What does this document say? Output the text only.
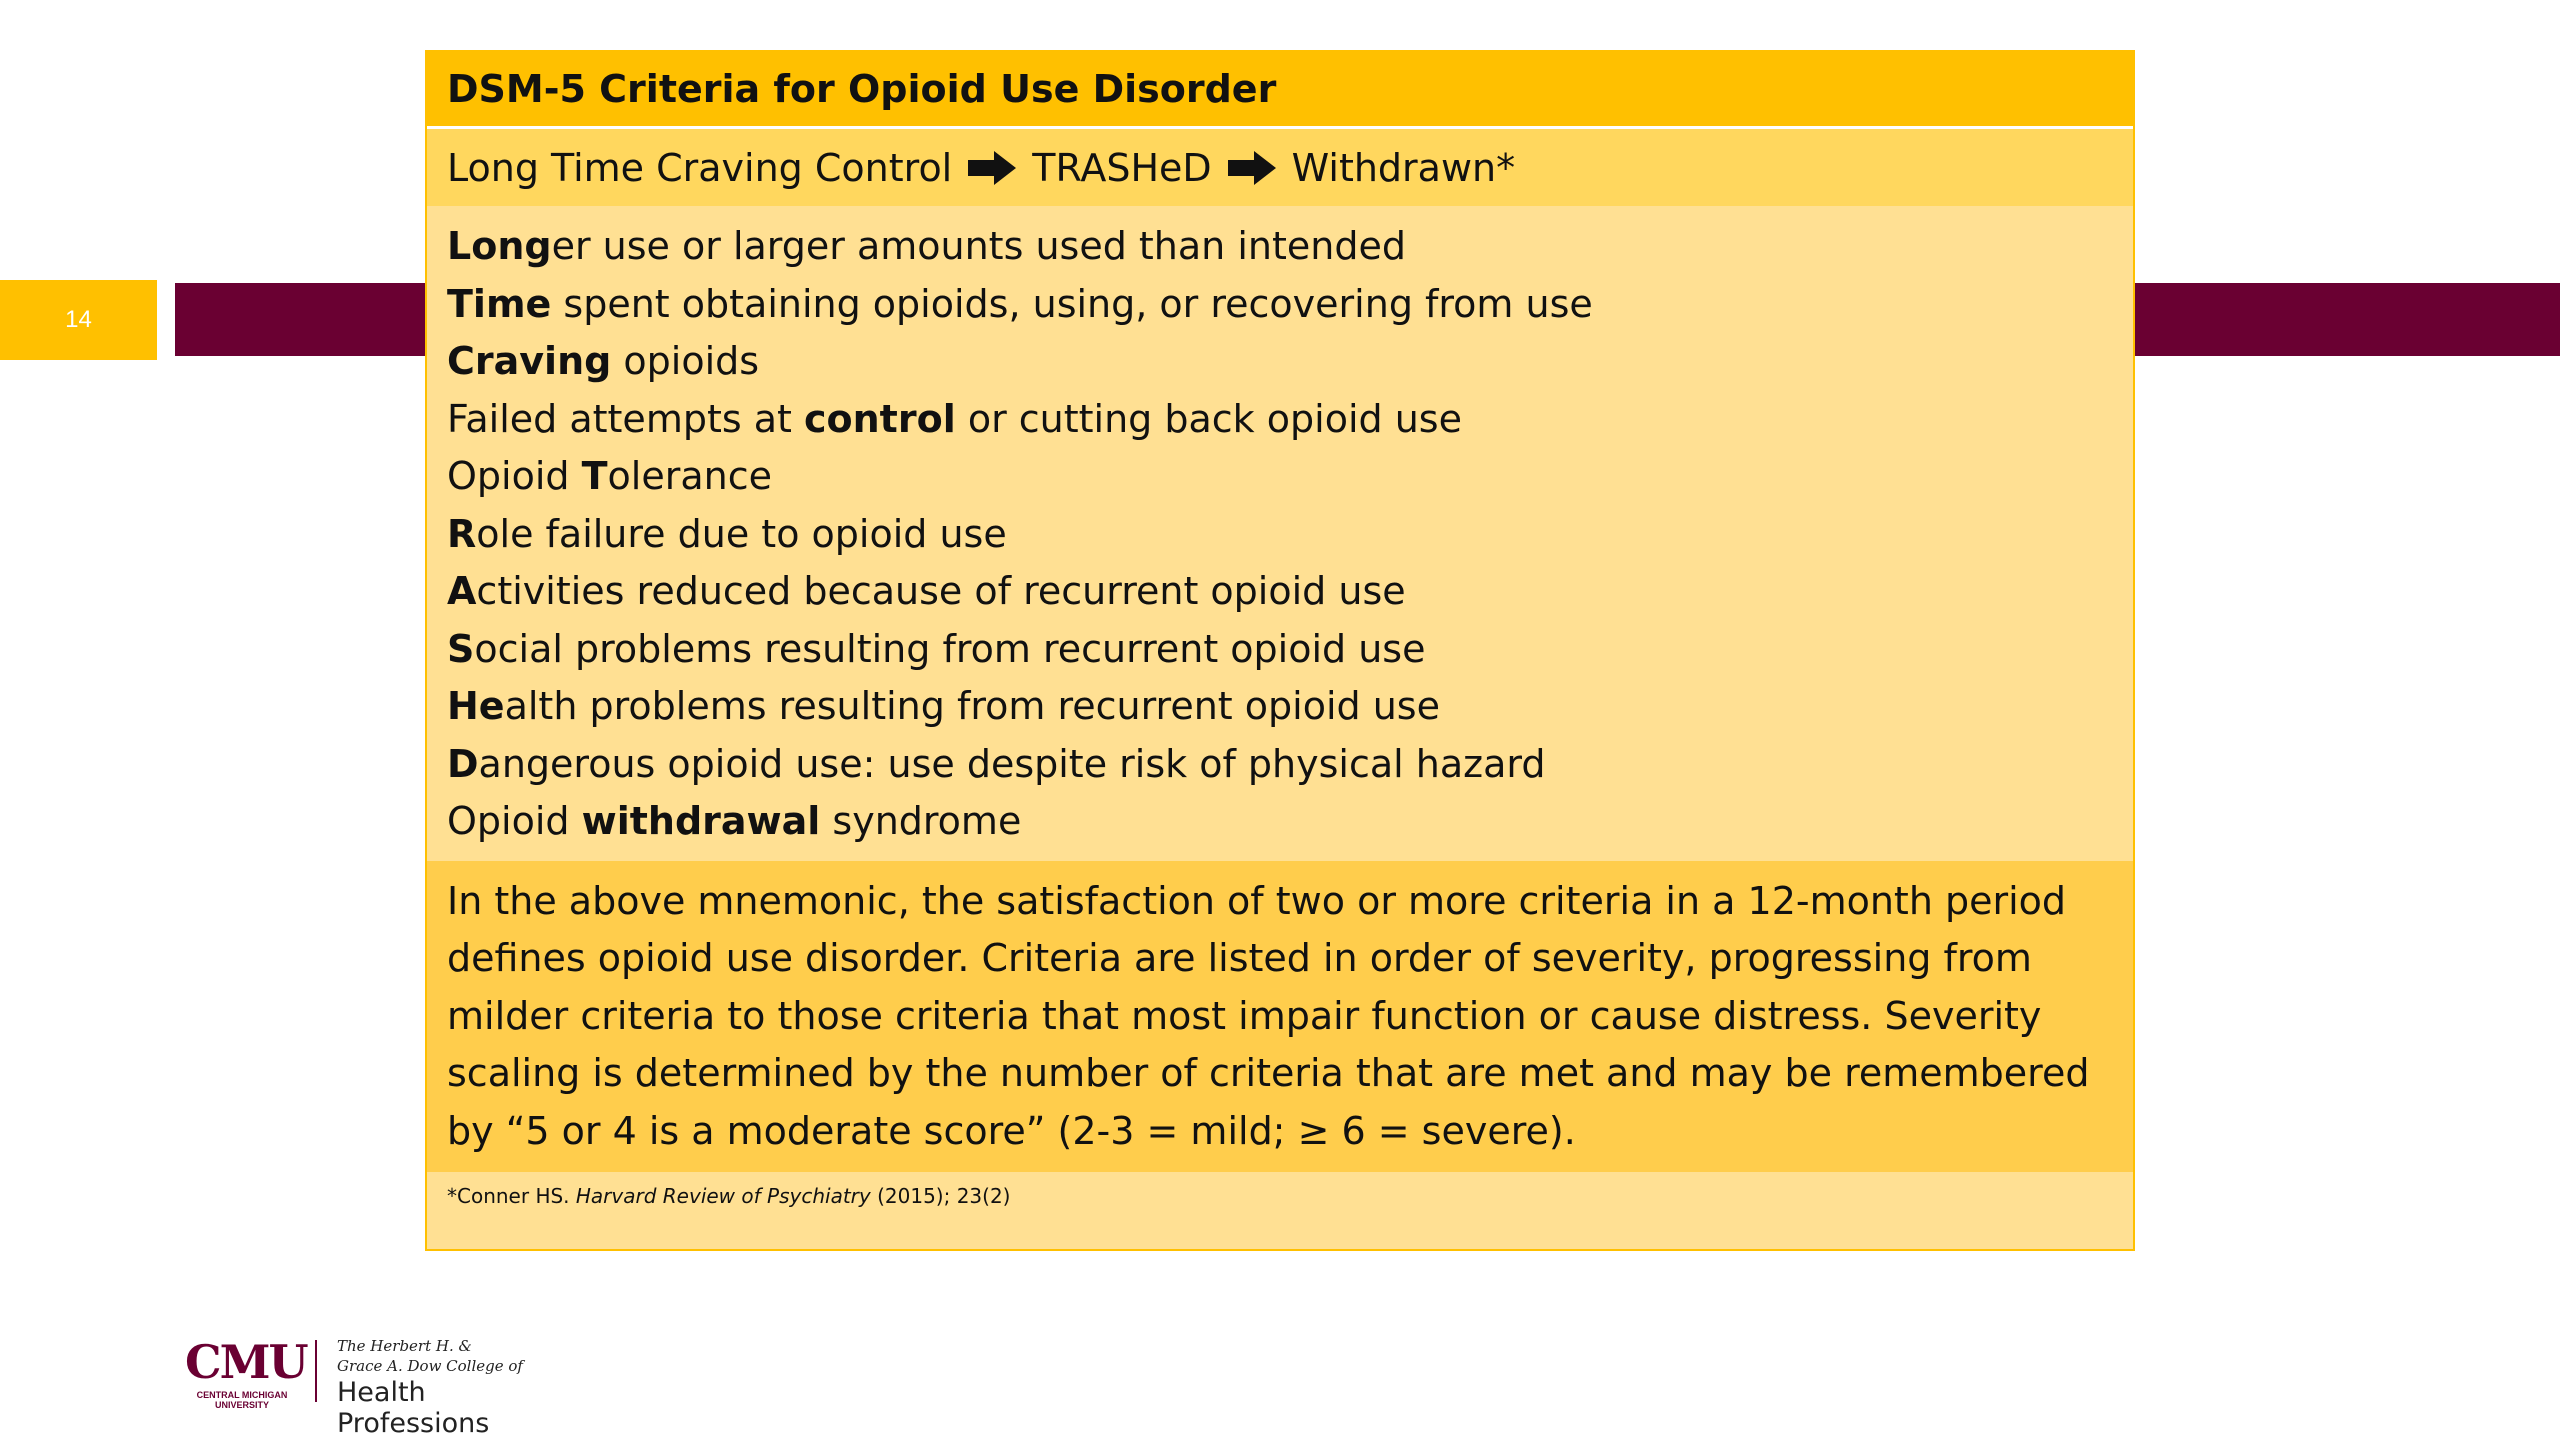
14
DSM-5 Criteria for Opioid Use Disorder
Long Time Craving Control TRASHeD Withdrawn*
Longer use or larger amounts used than intended
Time spent obtaining opioids, using, or recovering from use
Craving opioids
Failed attempts at control or cutting back opioid use
Opioid Tolerance
Role failure due to opioid use
Activities reduced because of recurrent opioid use
Social problems resulting from recurrent opioid use
Health problems resulting from recurrent opioid use
Dangerous opioid use: use despite risk of physical hazard
Opioid withdrawal syndrome
In the above mnemonic, the satisfaction of two or more criteria in a 12-month period defines opioid use disorder. Criteria are listed in order of severity, progressing from milder criteria to those criteria that most impair function or cause distress. Severity scaling is determined by the number of criteria that are met and may be remembered by “5 or 4 is a moderate score” (2-3 = mild; ≥ 6 = severe).
*Conner HS. Harvard Review of Psychiatry (2015); 23(2)
CMU
CENTRAL MICHIGAN UNIVERSITY
The Herbert H. &
Grace A. Dow College of
Health Professions
